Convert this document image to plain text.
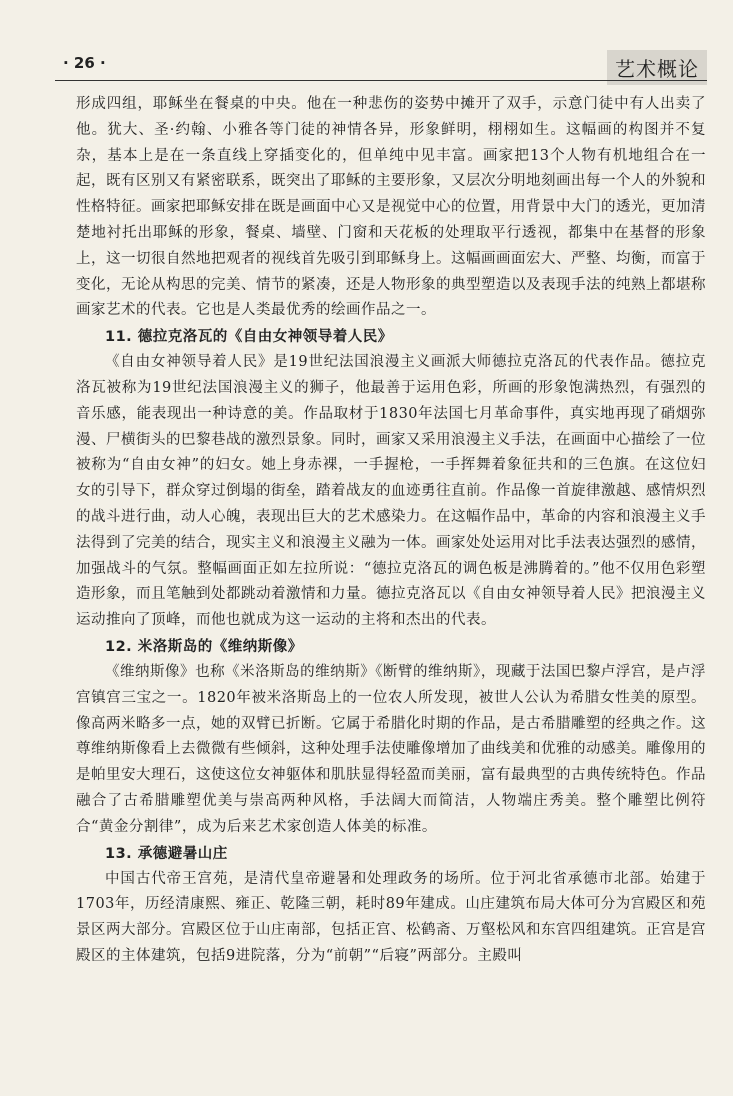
· 26 ·	艺术概论

形成四组，耶稣坐在餐桌的中央。他在一种悲伤的姿势中摊开了双手，示意门徒中有人出卖了他。犹大、圣·约翰、小雅各等门徒的神情各异，形象鲜明，栩栩如生。这幅画的构图并不复杂，基本上是在一条直线上穿插变化的，但单纯中见丰富。画家把13个人物有机地组合在一起，既有区别又有紧密联系，既突出了耶稣的主要形象，又层次分明地刻画出每一个人的外貌和性格特征。画家把耶稣安排在既是画面中心又是视觉中心的位置，用背景中大门的透光，更加清楚地衬托出耶稣的形象，餐桌、墙壁、门窗和天花板的处理取平行透视，都集中在基督的形象上，这一切很自然地把观者的视线首先吸引到耶稣身上。这幅画画面宏大、严整、均衡，而富于变化，无论从构思的完美、情节的紧凑，还是人物形象的典型塑造以及表现手法的纯熟上都堪称画家艺术的代表。它也是人类最优秀的绘画作品之一。

11. 德拉克洛瓦的《自由女神领导着人民》

《自由女神领导着人民》是19世纪法国浪漫主义画派大师德拉克洛瓦的代表作品。德拉克洛瓦被称为19世纪法国浪漫主义的狮子，他最善于运用色彩，所画的形象饱满热烈，有强烈的音乐感，能表现出一种诗意的美。作品取材于1830年法国七月革命事件，真实地再现了硝烟弥漫、尸横街头的巴黎巷战的激烈景象。同时，画家又采用浪漫主义手法，在画面中心描绘了一位被称为“自由女神”的妇女。她上身赤裸，一手握枪，一手挥舞着象征共和的三色旗。在这位妇女的引导下，群众穿过倒塌的街垒，踏着战友的血迹勇往直前。作品像一首旋律激越、感情炽烈的战斗进行曲，动人心魄，表现出巨大的艺术感染力。在这幅作品中，革命的内容和浪漫主义手法得到了完美的结合，现实主义和浪漫主义融为一体。画家处处运用对比手法表达强烈的感情，加强战斗的气氛。整幅画面正如左拉所说：“德拉克洛瓦的调色板是沸腾着的。”他不仅用色彩塑造形象，而且笔触到处都跳动着激情和力量。德拉克洛瓦以《自由女神领导着人民》把浪漫主义运动推向了顶峰，而他也就成为这一运动的主将和杰出的代表。

12. 米洛斯岛的《维纳斯像》

《维纳斯像》也称《米洛斯岛的维纳斯》《断臂的维纳斯》，现藏于法国巴黎卢浮宫，是卢浮宫镇宫三宝之一。1820年被米洛斯岛上的一位农人所发现，被世人公认为希腊女性美的原型。像高两米略多一点，她的双臂已折断。它属于希腊化时期的作品，是古希腊雕塑的经典之作。这尊维纳斯像看上去微微有些倾斜，这种处理手法使雕像增加了曲线美和优雅的动感美。雕像用的是帕里安大理石，这使这位女神躯体和肌肤显得轻盈而美丽，富有最典型的古典传统特色。作品融合了古希腊雕塑优美与崇高两种风格，手法阔大而简洁，人物端庄秀美。整个雕塑比例符合“黄金分割律”，成为后来艺术家创造人体美的标准。

13. 承德避暑山庄

中国古代帝王宫苑，是清代皇帝避暑和处理政务的场所。位于河北省承德市北部。始建于1703年，历经清康熙、雍正、乾隆三朝，耗时89年建成。山庄建筑布局大体可分为宫殿区和苑景区两大部分。宫殿区位于山庄南部，包括正宫、松鹤斋、万壑松风和东宫四组建筑。正宫是宫殿区的主体建筑，包括9进院落，分为“前朝”“后寝”两部分。主殿叫
